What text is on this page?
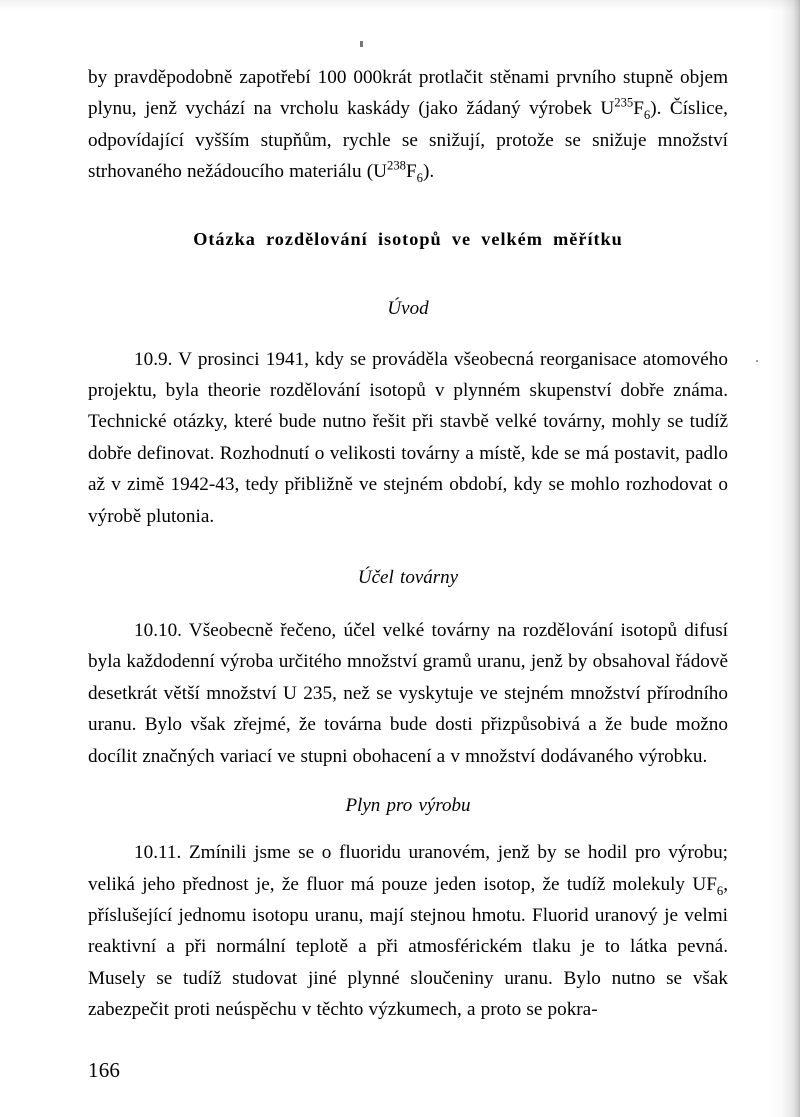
by pravděpodobně zapotřebí 100 000krát protlačit stěnami prvního stupně objem plynu, jenž vychází na vrcholu kaskády (jako žádaný výrobek $U^{235}F_6$). Číslice, odpovídající vyšším stupňům, rychle se snižují, protože se snižuje množství strhovaného nežádoucího materiálu $(U^{238}F_6)$.

Otázka rozdělování isotopů ve velkém měřítku
Úvod

10.9. V prosinci 1941, kdy se prováděla všeobecná reorganisace atomového projektu, byla theorie rozdělování isotopů v plynném skupenství dobře známa. Technické otázky, které bude nutno řešit při stavbě velké továrny, mohly se tudíž dobře definovat. Rozhodnutí o velikosti továrny a místě, kde se má postavit, padlo až v zimě 1942-43, tedy přibližně ve stejném období, kdy se mohlo rozhodovat o výrobě plutonia.

Účel továrny

10.10. Všeobecně řečeno, účel velké továrny na rozdělování isotopů difusí byla každodenní výroba určitého množství gramů uranu, jenž by obsahoval řádově desetkrát větší množství U 235, než se vyskytuje ve stejném množství přírodního uranu. Bylo však zřejmé, že továrna bude dosti přizpůsobivá a že bude možno docílit značných variací ve stupni obohacení a v množství dodávaného výrobku.

Plyn pro výrobu

10.11. Zmínili jsme se o fluoridu uranovém, jenž by se hodil pro výrobu; veliká jeho přednost je, že fluor má pouze jeden isotop, že tudíž molekuly $UF_6$, příslušející jednomu isotopu uranu, mají stejnou hmotu. Fluorid uranový je velmi reaktivní a při normální teplotě a při atmosférickém tlaku je to látka pevná. Musely se tudíž studovat jiné plynné sloučeniny uranu. Bylo nutno se však zabezpečit proti neúspěchu v těchto výzkumech, a proto se pokra-

166
